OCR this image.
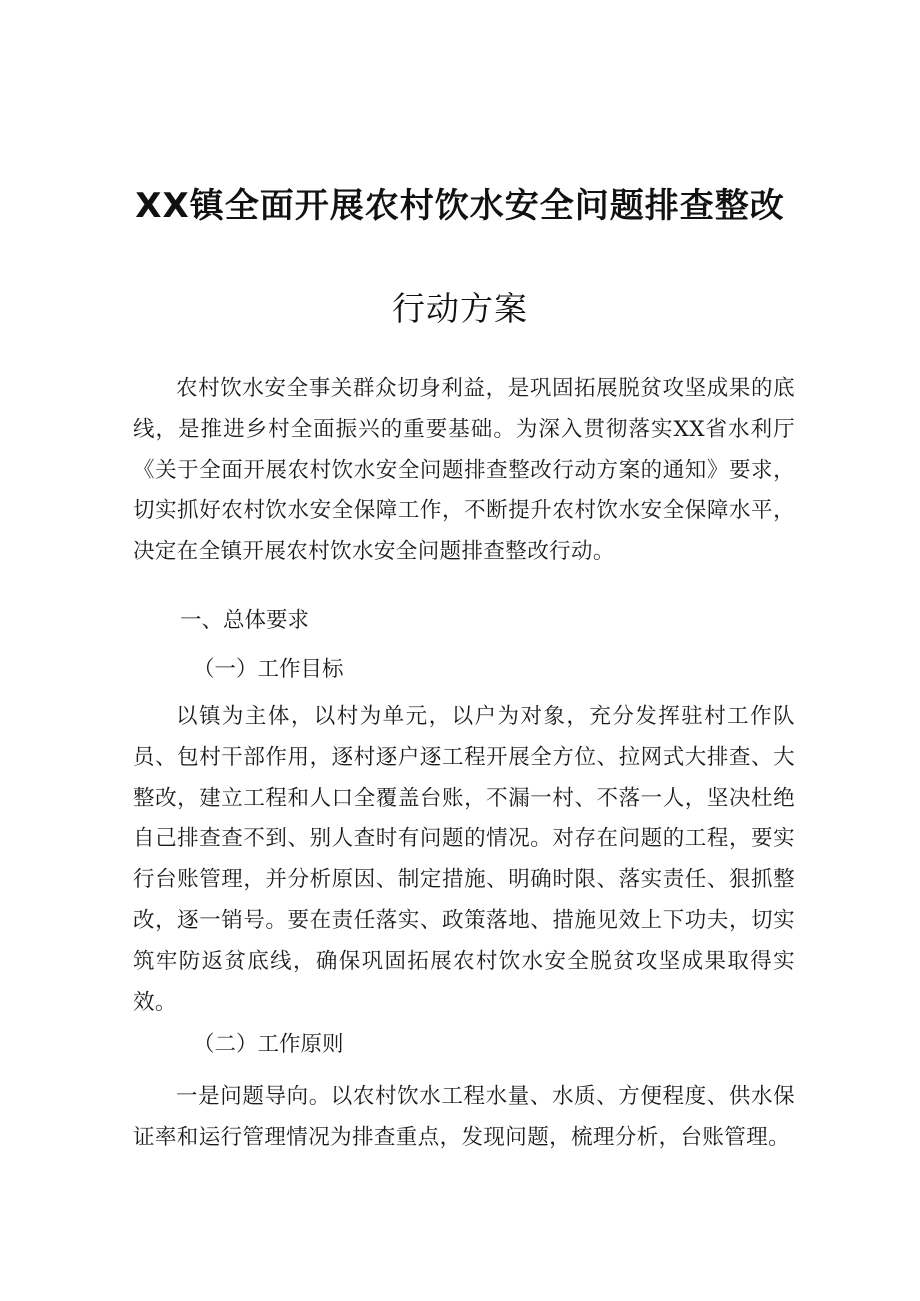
XX镇全面开展农村饮水安全问题排查整改
行动方案

农村饮水安全事关群众切身利益，是巩固拓展脱贫攻坚成果的底线，是推进乡村全面振兴的重要基础。为深入贯彻落实XX省水利厅《关于全面开展农村饮水安全问题排查整改行动方案的通知》要求，切实抓好农村饮水安全保障工作，不断提升农村饮水安全保障水平，决定在全镇开展农村饮水安全问题排查整改行动。

一、总体要求

（一）工作目标

以镇为主体，以村为单元，以户为对象，充分发挥驻村工作队员、包村干部作用，逐村逐户逐工程开展全方位、拉网式大排查、大整改，建立工程和人口全覆盖台账，不漏一村、不落一人，坚决杜绝自己排查查不到、别人查时有问题的情况。对存在问题的工程，要实行台账管理，并分析原因、制定措施、明确时限、落实责任、狠抓整改，逐一销号。要在责任落实、政策落地、措施见效上下功夫，切实筑牢防返贫底线，确保巩固拓展农村饮水安全脱贫攻坚成果取得实效。

（二）工作原则

一是问题导向。以农村饮水工程水量、水质、方便程度、供水保证率和运行管理情况为排查重点，发现问题，梳理分析，台账管理。
